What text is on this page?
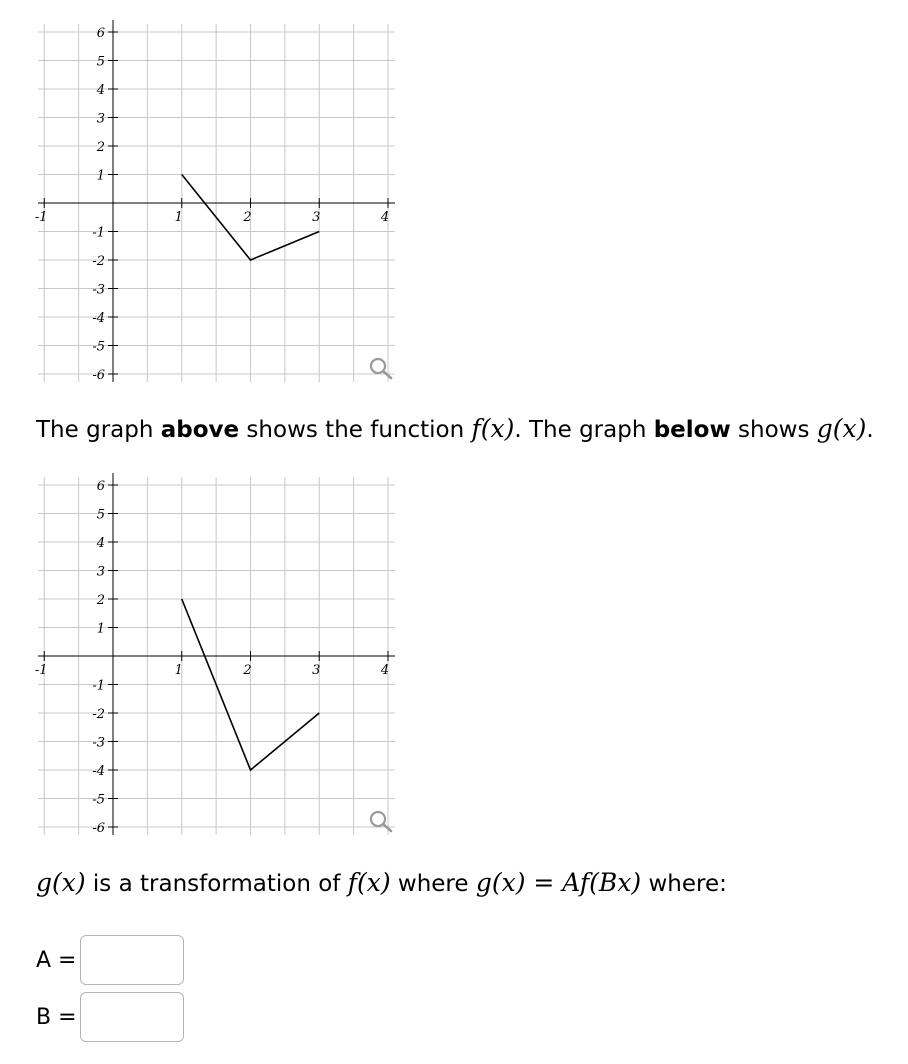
-1	1	2	3	4
6
5
4
3
2
1
-1
-2
-3
-4
-5
-6
The graph above shows the function f(x). The graph below shows g(x).
-1	1	2	3	4
6
5
4
3
2
1
-1
-2
-3
-4
-5
-6
g(x) is a transformation of f(x) where g(x) = Af(Bx) where:
A =
B =
